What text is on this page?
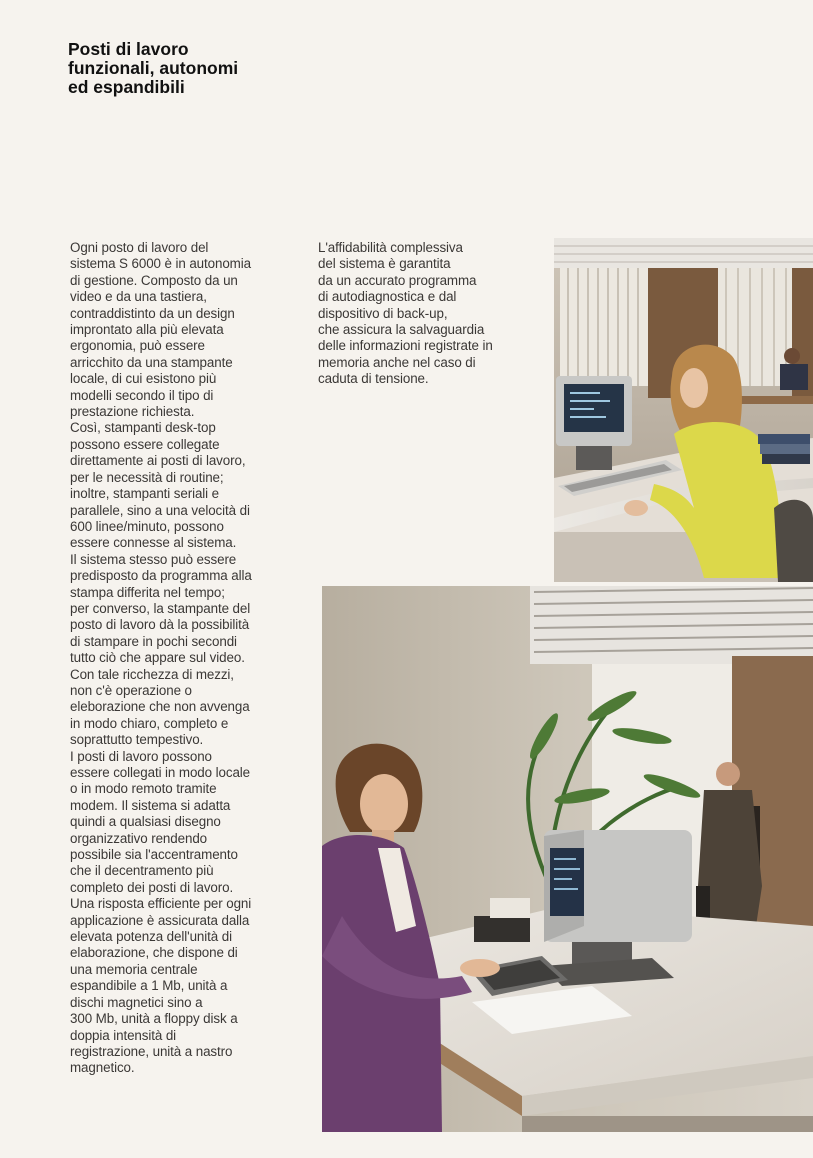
Posti di lavoro
funzionali, autonomi
ed espandibili
Ogni posto di lavoro del
sistema S 6000 è in autonomia
di gestione. Composto da un
video e da una tastiera,
contraddistinto da un design
improntato alla più elevata
ergonomia, può essere
arricchito da una stampante
locale, di cui esistono più
modelli secondo il tipo di
prestazione richiesta.
Così, stampanti desk-top
possono essere collegate
direttamente ai posti di lavoro,
per le necessità di routine;
inoltre, stampanti seriali e
parallele, sino a una velocità di
600 linee/minuto, possono
essere connesse al sistema.
Il sistema stesso può essere
predisposto da programma alla
stampa differita nel tempo;
per converso, la stampante del
posto di lavoro dà la possibilità
di stampare in pochi secondi
tutto ciò che appare sul video.
Con tale ricchezza di mezzi,
non c'è operazione o
eleborazione che non avvenga
in modo chiaro, completo e
soprattutto tempestivo.
I posti di lavoro possono
essere collegati in modo locale
o in modo remoto tramite
modem. Il sistema si adatta
quindi a qualsiasi disegno
organizzativo rendendo
possibile sia l'accentramento
che il decentramento più
completo dei posti di lavoro.
Una risposta efficiente per ogni
applicazione è assicurata dalla
elevata potenza dell'unità di
elaborazione, che dispone di
una memoria centrale
espandibile a 1 Mb, unità a
dischi magnetici sino a
300 Mb, unità a floppy disk a
doppia intensità di
registrazione, unità a nastro
magnetico.
L'affidabilità complessiva
del sistema è garantita
da un accurato programma
di autodiagnostica e dal
dispositivo di back-up,
che assicura la salvaguardia
delle informazioni registrate in
memoria anche nel caso di
caduta di tensione.
